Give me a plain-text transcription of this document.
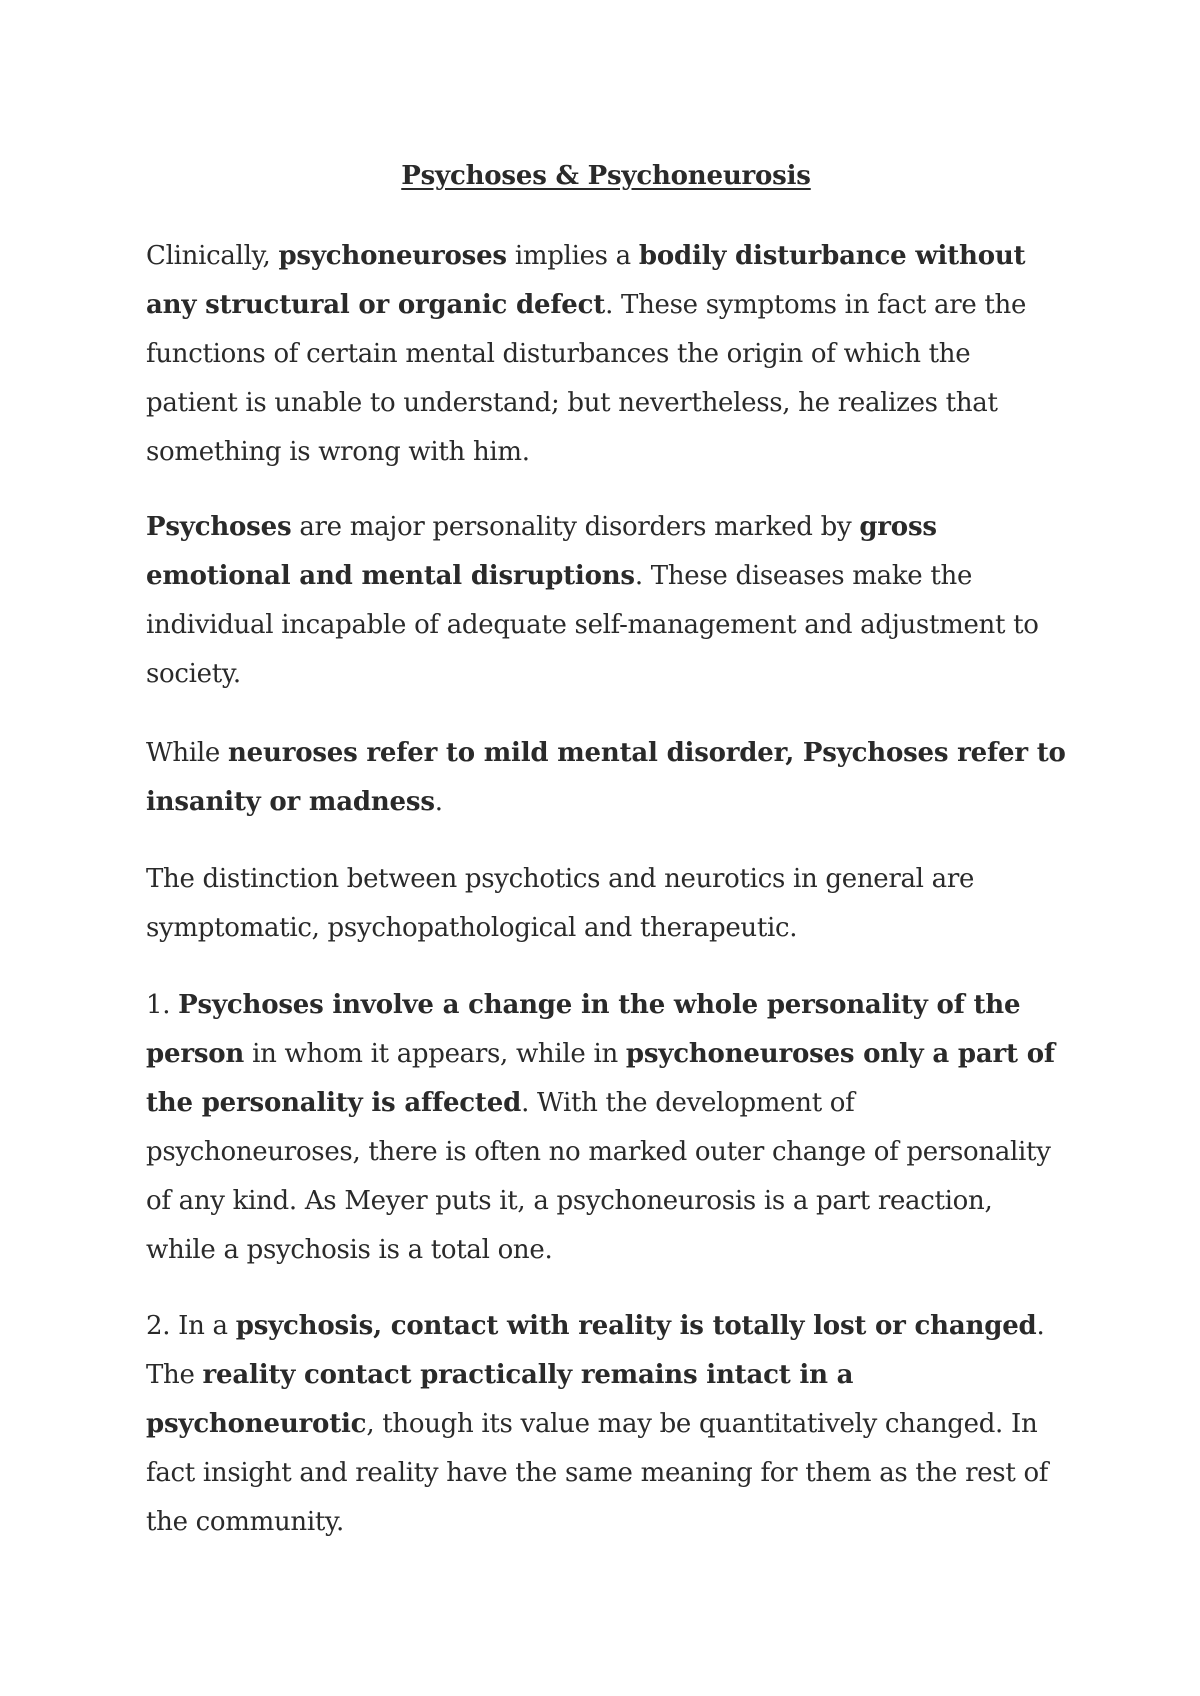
Psychoses & Psychoneurosis

Clinically, psychoneuroses implies a bodily disturbance without any structural or organic defect. These symptoms in fact are the functions of certain mental disturbances the origin of which the patient is unable to understand; but nevertheless, he realizes that something is wrong with him.

Psychoses are major personality disorders marked by gross emotional and mental disruptions. These diseases make the individual incapable of adequate self-management and adjustment to society.

While neuroses refer to mild mental disorder, Psychoses refer to insanity or madness.

The distinction between psychotics and neurotics in general are symptomatic, psychopathological and therapeutic.

1. Psychoses involve a change in the whole personality of the person in whom it appears, while in psychoneuroses only a part of the personality is affected. With the development of psychoneuroses, there is often no marked outer change of personality of any kind. As Meyer puts it, a psychoneurosis is a part reaction, while a psychosis is a total one.

2. In a psychosis, contact with reality is totally lost or changed. The reality contact practically remains intact in a psychoneurotic, though its value may be quantitatively changed. In fact insight and reality have the same meaning for them as the rest of the community.
